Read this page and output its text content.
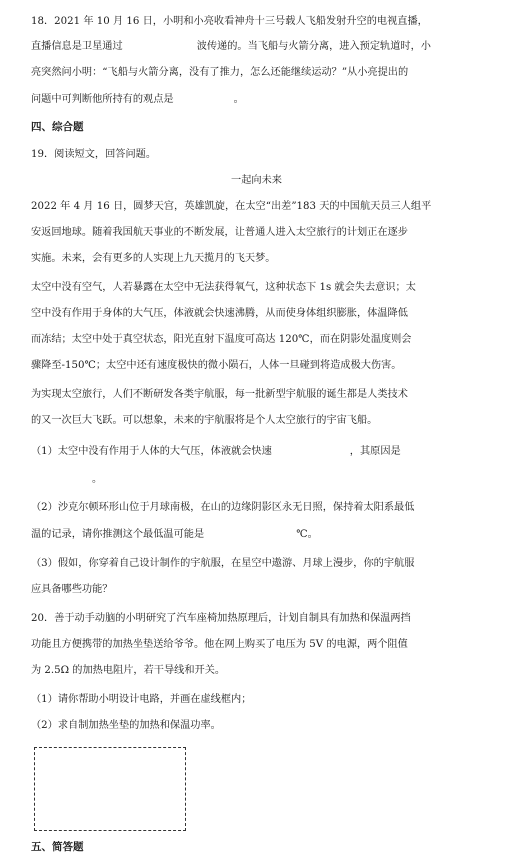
18．2021 年 10 月 16 日，小明和小亮收看神舟十三号载人飞船发射升空的电视直播，
直播信息是卫星通过	波传递的。当飞船与火箭分离，进入预定轨道时，小
亮突然问小明：“飞船与火箭分离，没有了推力，怎么还能继续运动？”从小亮提出的
问题中可判断他所持有的观点是	。
四、综合题
19．阅读短文，回答问题。
一起向未来
2022 年 4 月 16 日，圆梦天宫，英雄凯旋，在太空“出差”183 天的中国航天员三人组平
安返回地球。随着我国航天事业的不断发展，让普通人进入太空旅行的计划正在逐步
实施。未来，会有更多的人实现上九天揽月的飞天梦。
太空中没有空气，人若暴露在太空中无法获得氧气，这种状态下 1s 就会失去意识；太
空中没有作用于身体的大气压，体液就会快速沸腾，从而使身体组织膨胀，体温降低
而冻结；太空中处于真空状态，阳光直射下温度可高达 120℃，而在阴影处温度则会
骤降至-150℃；太空中还有速度极快的微小陨石，人体一旦碰到将造成极大伤害。
为实现太空旅行，人们不断研发各类宇航服，每一批新型宇航服的诞生都是人类技术
的又一次巨大飞跃。可以想象，未来的宇航服将是个人太空旅行的宇宙飞船。
（1）太空中没有作用于人体的大气压，体液就会快速	，其原因是
。
（2）沙克尔顿环形山位于月球南极，在山的边缘阴影区永无日照，保持着太阳系最低
温的记录，请你推测这个最低温可能是	℃。
（3）假如，你穿着自己设计制作的宇航服，在星空中遨游、月球上漫步，你的宇航服
应具备哪些功能？
20．善于动手动脑的小明研究了汽车座椅加热原理后，计划自制具有加热和保温两挡
功能且方便携带的加热坐垫送给爷爷。他在网上购买了电压为 5V 的电源，两个阻值
为 2.5Ω 的加热电阻片，若干导线和开关。
（1）请你帮助小明设计电路，并画在虚线框内；
（2）求自制加热坐垫的加热和保温功率。
五、简答题
